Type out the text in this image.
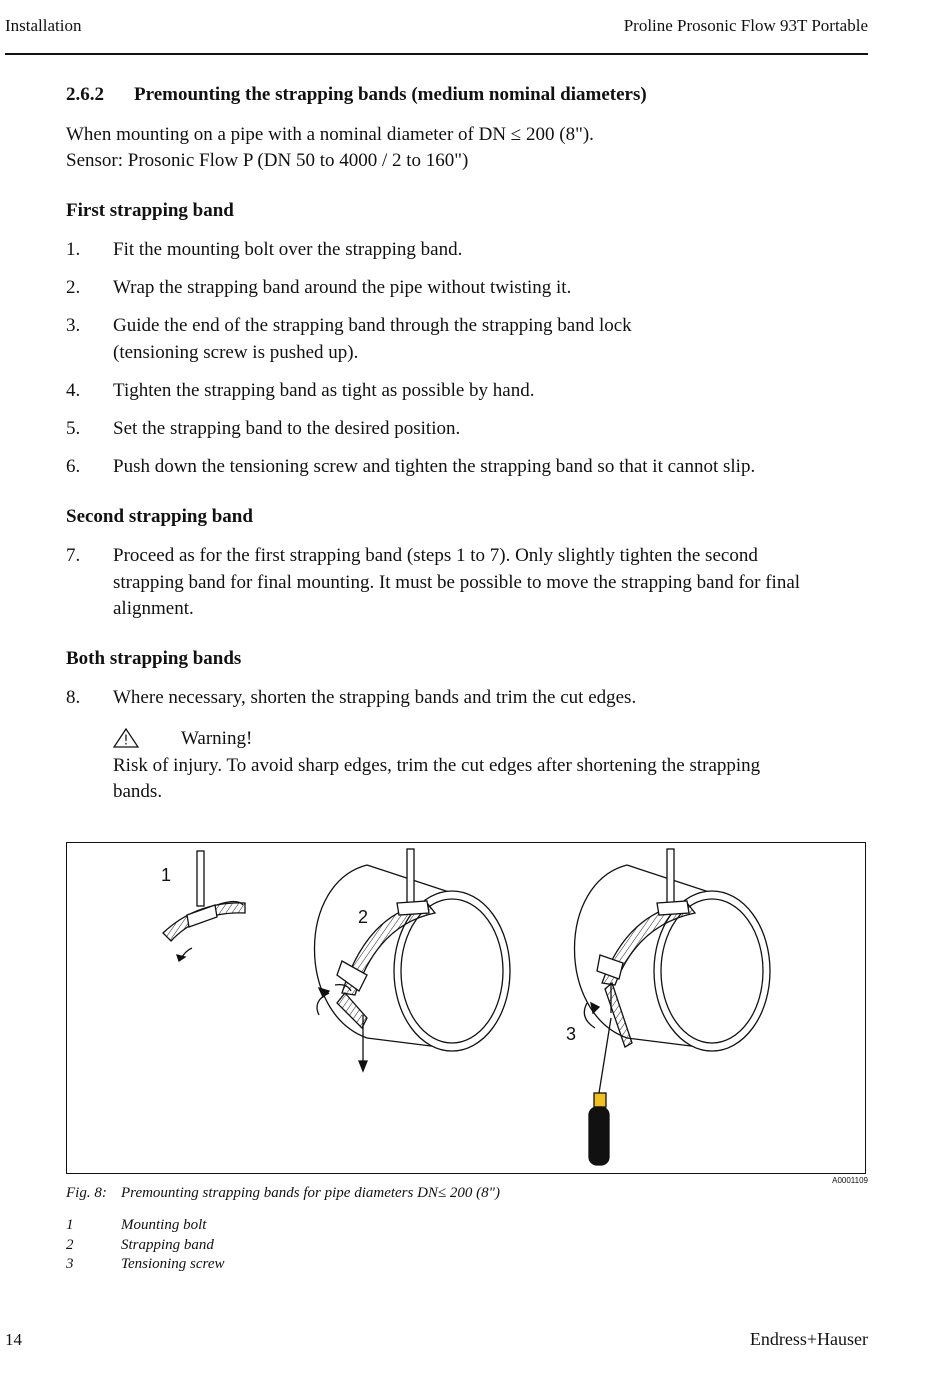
Installation	Proline Prosonic Flow 93T Portable
2.6.2 Premounting the strapping bands (medium nominal diameters)
When mounting on a pipe with a nominal diameter of DN ≤ 200 (8").
Sensor: Prosonic Flow P (DN 50 to 4000 / 2 to 160")
First strapping band
1. Fit the mounting bolt over the strapping band.
2. Wrap the strapping band around the pipe without twisting it.
3. Guide the end of the strapping band through the strapping band lock
(tensioning screw is pushed up).
4. Tighten the strapping band as tight as possible by hand.
5. Set the strapping band to the desired position.
6. Push down the tensioning screw and tighten the strapping band so that it cannot slip.
Second strapping band
7. Proceed as for the first strapping band (steps 1 to 7). Only slightly tighten the second
strapping band for final mounting. It must be possible to move the strapping band for final
alignment.
Both strapping bands
8. Where necessary, shorten the strapping bands and trim the cut edges.
!	Warning!
Risk of injury. To avoid sharp edges, trim the cut edges after shortening the strapping
bands.
1
2
3
A0001109
Fig. 8: Premounting strapping bands for pipe diameters DN≤ 200 (8")
1	Mounting bolt
2	Strapping band
3	Tensioning screw
14	Endress+Hauser
